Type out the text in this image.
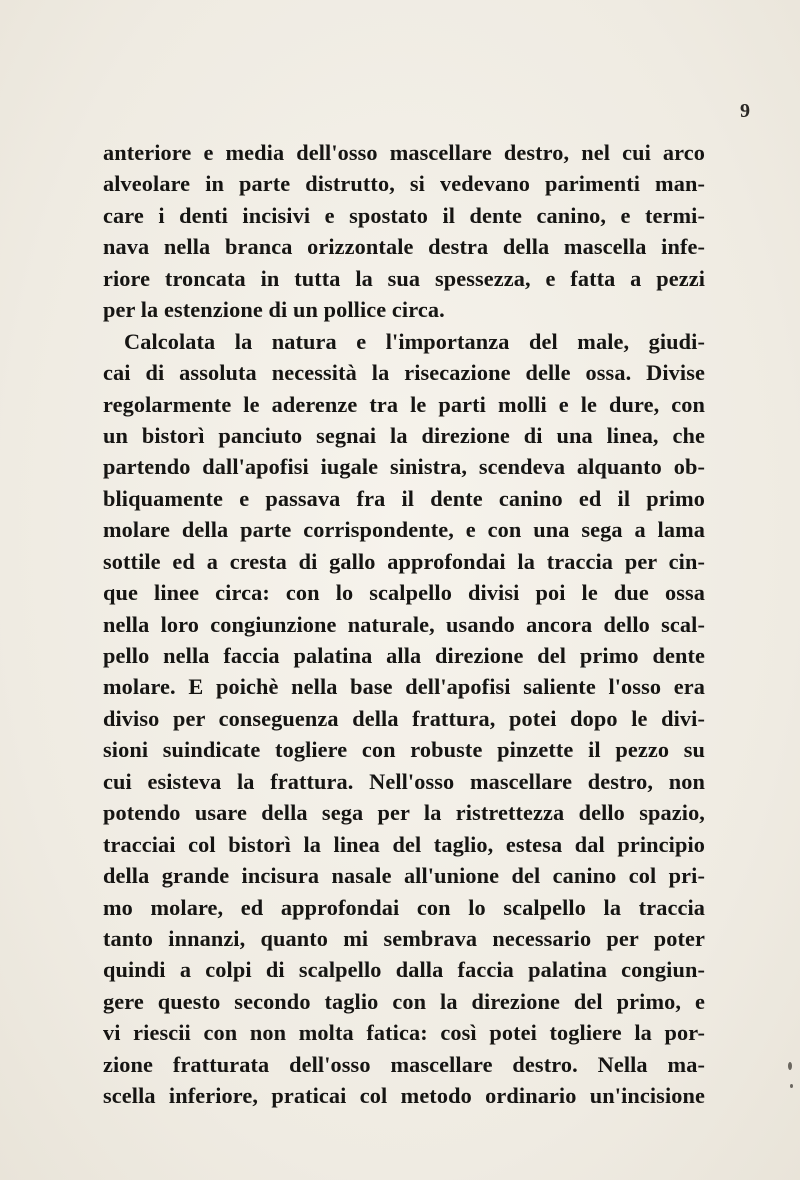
9
anteriore e media dell'osso mascellare destro, nel cui arco
alveolare in parte distrutto, si vedevano parimenti man-
care i denti incisivi e spostato il dente canino, e termi-
nava nella branca orizzontale destra della mascella infe-
riore troncata in tutta la sua spessezza, e fatta a pezzi
per la estenzione di un pollice circa.
Calcolata la natura e l'importanza del male, giudi-
cai di assoluta necessità la risecazione delle ossa. Divise
regolarmente le aderenze tra le parti molli e le dure, con
un bistorì panciuto segnai la direzione di una linea, che
partendo dall'apofisi iugale sinistra, scendeva alquanto ob-
bliquamente e passava fra il dente canino ed il primo
molare della parte corrispondente, e con una sega a lama
sottile ed a cresta di gallo approfondai la traccia per cin-
que linee circa: con lo scalpello divisi poi le due ossa
nella loro congiunzione naturale, usando ancora dello scal-
pello nella faccia palatina alla direzione del primo dente
molare. E poichè nella base dell'apofisi saliente l'osso era
diviso per conseguenza della frattura, potei dopo le divi-
sioni suindicate togliere con robuste pinzette il pezzo su
cui esisteva la frattura. Nell'osso mascellare destro, non
potendo usare della sega per la ristrettezza dello spazio,
tracciai col bistorì la linea del taglio, estesa dal principio
della grande incisura nasale all'unione del canino col pri-
mo molare, ed approfondai con lo scalpello la traccia
tanto innanzi, quanto mi sembrava necessario per poter
quindi a colpi di scalpello dalla faccia palatina congiun-
gere questo secondo taglio con la direzione del primo, e
vi riescii con non molta fatica: così potei togliere la por-
zione fratturata dell'osso mascellare destro. Nella ma-
scella inferiore, praticai col metodo ordinario un'incisione
